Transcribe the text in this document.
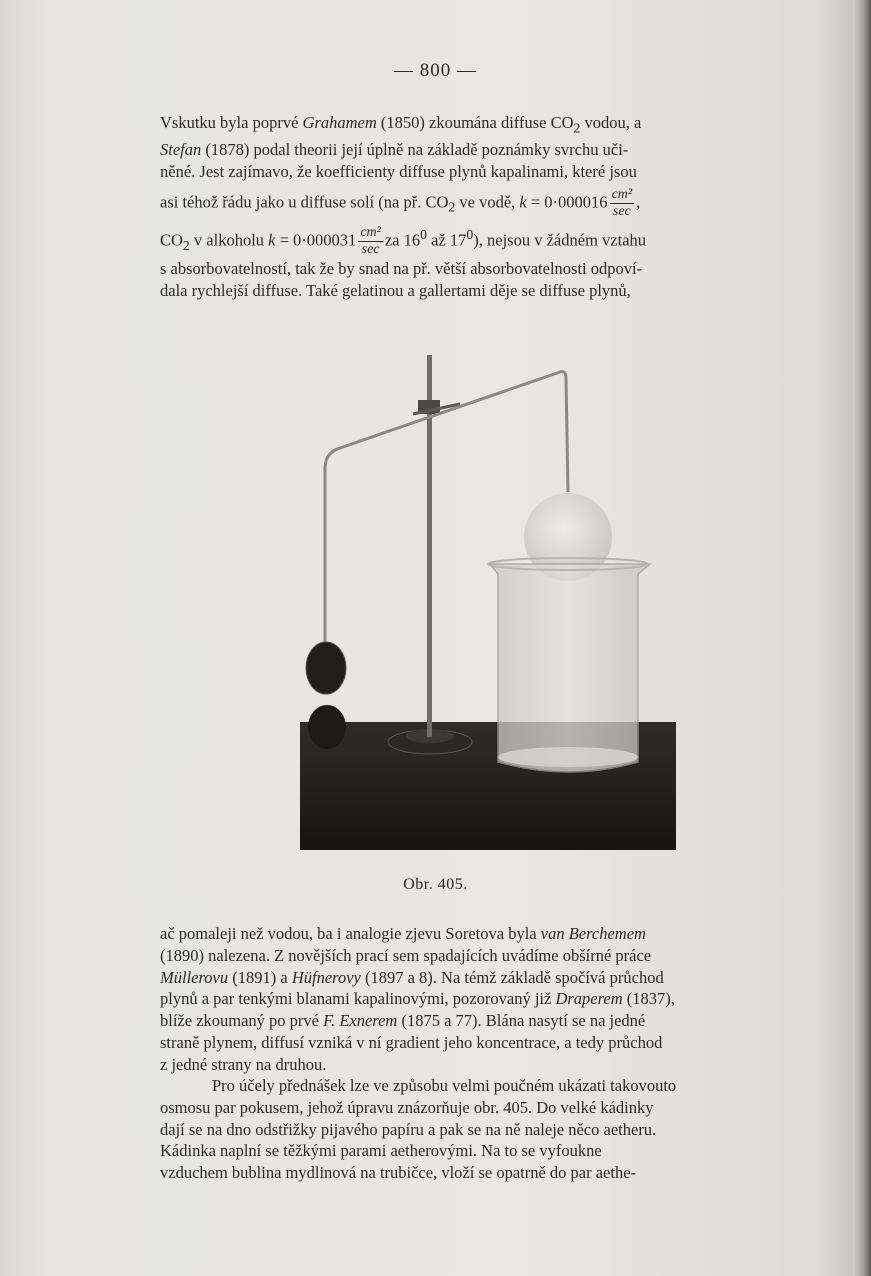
— 800 —

Vskutku byla poprvé Grahamem (1850) zkoumána diffuse $CO_2$ vodou, a

Stefan (1878) podal theorii její úplně na základě poznámky svrchu uči-

něné. Jest zajímavo, že koefficienty diffuse plynů kapalinami, které jsou

asi téhož řádu jako u diffuse solí (na př. $CO_2$ ve vodě, $k = 0\cdot 000016 \frac{\text{cm²}}{\sec}$ ,

$CO_2$ v alkoholu $k = 0\cdot 000031 \frac{\text{cm²}}{\sec}$ za $16^0$ až $17^0$), nejsou v žádném vztahu

s absorbovatelností, tak že by snad na př. větší absorbovatelnosti odpoví-

dala rychlejší diffuse. Také gelatinou a gallertami děje se diffuse plynů,

Obr. 405.

ač pomaleji než vodou, ba i analogie zjevu Soretova byla van Berchemem

(1890) nalezena. Z novějších prací sem spadajících uvádíme obšírné práce

Müllerovu (1891) a Hüfnerovy (1897 a 8). Na témž základě spočívá průchod

plynů a par tenkými blanami kapalinovými, pozorovaný již Draperem (1837),

blíže zkoumaný po prvé F. Exnerem (1875 a 77). Blána nasytí se na jedné

straně plynem, diffusí vzniká v ní gradient jeho koncentrace, a tedy průchod

z jedné strany na druhou.

Pro účely přednášek lze ve způsobu velmi poučném ukázati takovouto

osmosu par pokusem, jehož úpravu znázorňuje obr. 405. Do velké kádinky

dají se na dno odstřižky pijavého papíru a pak se na ně naleje něco aetheru.

Kádinka naplní se těžkými parami aetherovými. Na to se vyfoukne

vzduchem bublina mydlinová na trubičce, vloží se opatrně do par aethe-
